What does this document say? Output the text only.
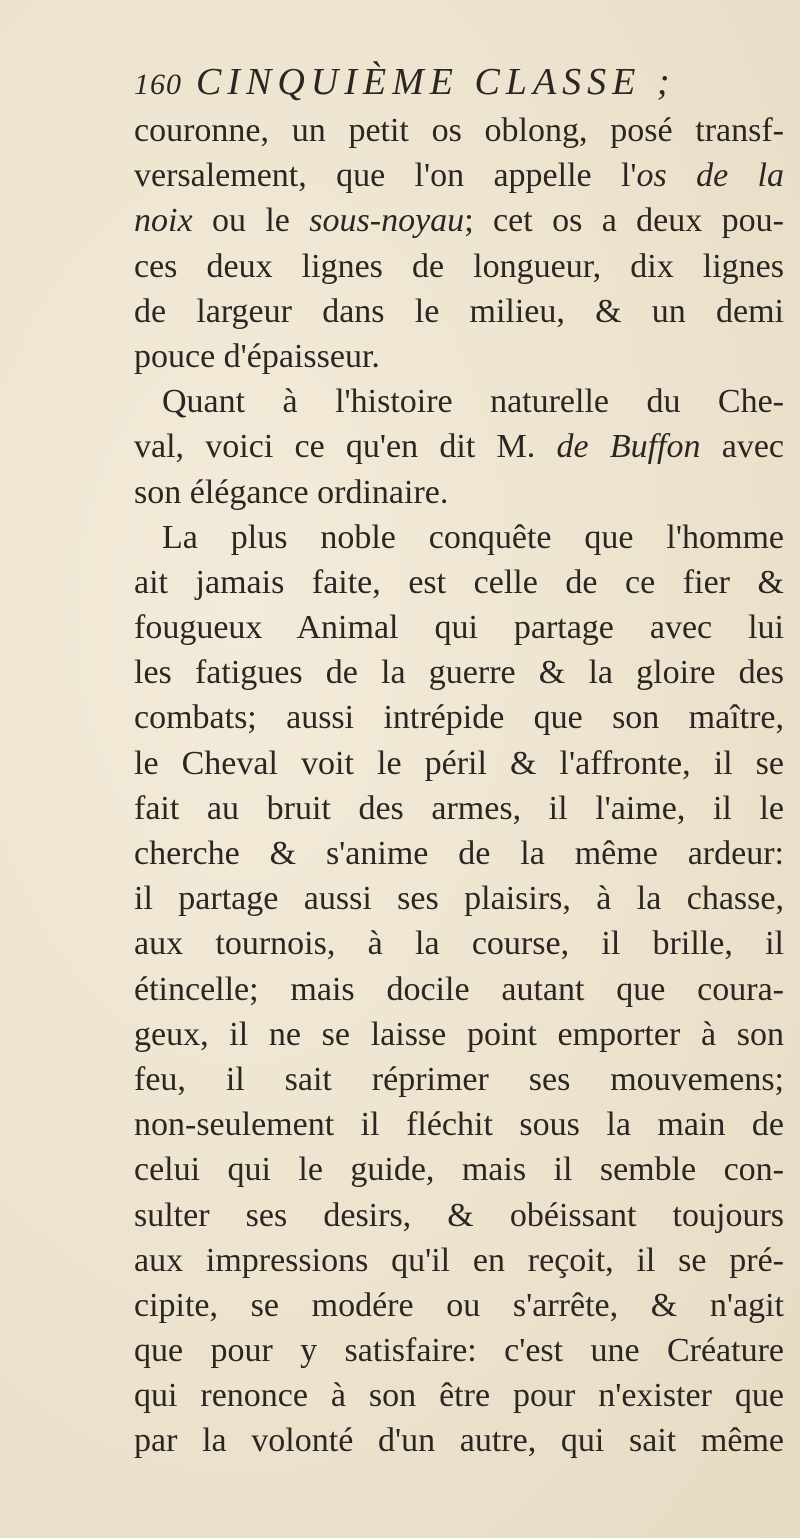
160 CINQUIÈME CLASSE ;
couronne, un petit os oblong, posé transf-
versalement, que l'on appelle l'os de la
noix ou le sous-noyau; cet os a deux pou-
ces deux lignes de longueur, dix lignes
de largeur dans le milieu, & un demi
pouce d'épaisseur.
Quant à l'histoire naturelle du Che-
val, voici ce qu'en dit M. de Buffon avec
son élégance ordinaire.
La plus noble conquête que l'homme
ait jamais faite, est celle de ce fier &
fougueux Animal qui partage avec lui
les fatigues de la guerre & la gloire des
combats; aussi intrépide que son maître,
le Cheval voit le péril & l'affronte, il se
fait au bruit des armes, il l'aime, il le
cherche & s'anime de la même ardeur:
il partage aussi ses plaisirs, à la chasse,
aux tournois, à la course, il brille, il
étincelle; mais docile autant que coura-
geux, il ne se laisse point emporter à son
feu, il sait réprimer ses mouvemens;
non-seulement il fléchit sous la main de
celui qui le guide, mais il semble con-
sulter ses desirs, & obéissant toujours
aux impressions qu'il en reçoit, il se pré-
cipite, se modére ou s'arrête, & n'agit
que pour y satisfaire: c'est une Créature
qui renonce à son être pour n'exister que
par la volonté d'un autre, qui sait même
